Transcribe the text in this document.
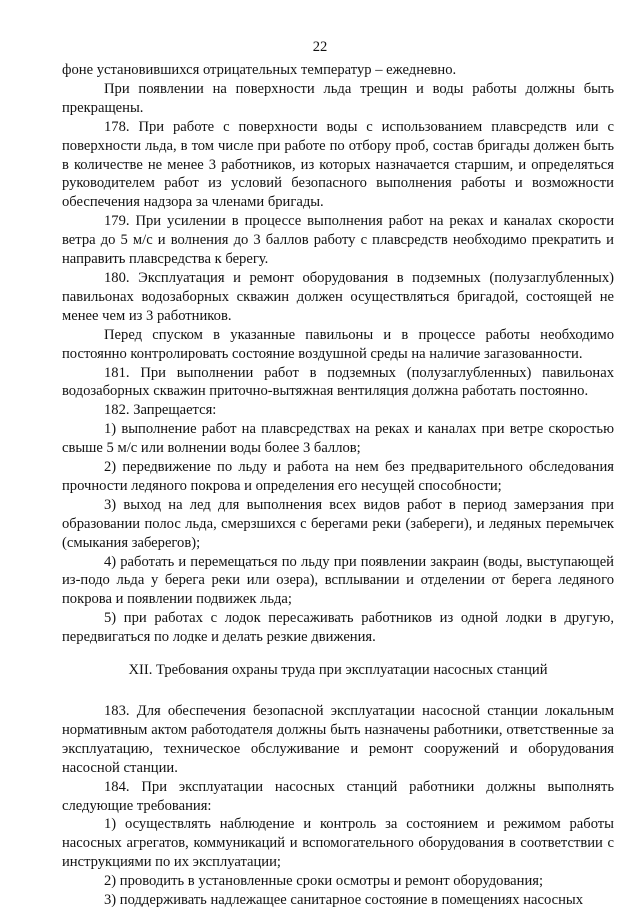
22

фоне установившихся отрицательных температур – ежедневно.

При появлении на поверхности льда трещин и воды работы должны быть прекращены.

178. При работе с поверхности воды с использованием плавсредств или с поверхности льда, в том числе при работе по отбору проб, состав бригады должен быть в количестве не менее 3 работников, из которых назначается старшим, и определяться руководителем работ из условий безопасного выполнения работы и возможности обеспечения надзора за членами бригады.

179. При усилении в процессе выполнения работ на реках и каналах скорости ветра до 5 м/с и волнения до 3 баллов работу с плавсредств необходимо прекратить и направить плавсредства к берегу.

180. Эксплуатация и ремонт оборудования в подземных (полузаглубленных) павильонах водозаборных скважин должен осуществляться бригадой, состоящей не менее чем из 3 работников.

Перед спуском в указанные павильоны и в процессе работы необходимо постоянно контролировать состояние воздушной среды на наличие загазованности.

181. При выполнении работ в подземных (полузаглубленных) павильонах водозаборных скважин приточно-вытяжная вентиляция должна работать постоянно.

182. Запрещается:

1) выполнение работ на плавсредствах на реках и каналах при ветре скоростью свыше 5 м/с или волнении воды более 3 баллов;

2) передвижение по льду и работа на нем без предварительного обследования прочности ледяного покрова и определения его несущей способности;

3) выход на лед для выполнения всех видов работ в период замерзания при образовании полос льда, смерзшихся с берегами реки (забереги), и ледяных перемычек (смыкания заберегов);

4) работать и перемещаться по льду при появлении закраин (воды, выступающей из-подо льда у берега реки или озера), всплывании и отделении от берега ледяного покрова и появлении подвижек льда;

5) при работах с лодок пересаживать работников из одной лодки в другую, передвигаться по лодке и делать резкие движения.

XII. Требования охраны труда при эксплуатации насосных станций

183. Для обеспечения безопасной эксплуатации насосной станции локальным нормативным актом работодателя должны быть назначены работники, ответственные за эксплуатацию, техническое обслуживание и ремонт сооружений и оборудования насосной станции.

184. При эксплуатации насосных станций работники должны выполнять следующие требования:

1) осуществлять наблюдение и контроль за состоянием и режимом работы насосных агрегатов, коммуникаций и вспомогательного оборудования в соответствии с инструкциями по их эксплуатации;

2) проводить в установленные сроки осмотры и ремонт оборудования;

3) поддерживать надлежащее санитарное состояние в помещениях насосных
